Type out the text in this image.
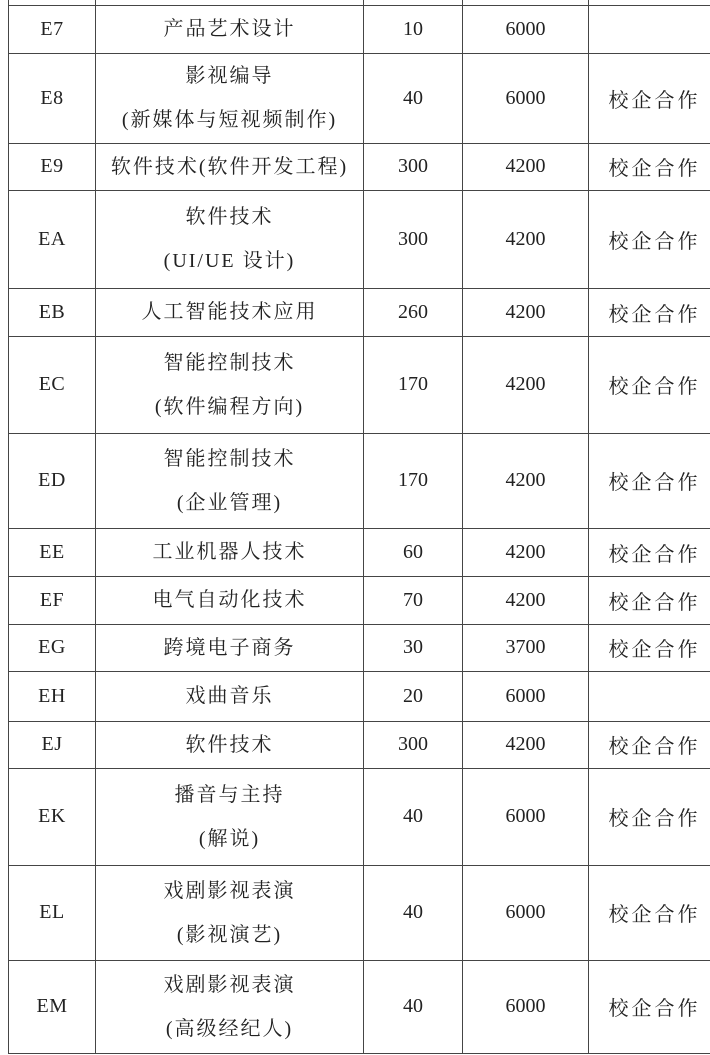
E7	产品艺术设计	10	6000	
E8	影视编导
(新媒体与短视频制作)	40	6000	校企合作
E9	软件技术(软件开发工程)	300	4200	校企合作
EA	软件技术
(UI/UE 设计)	300	4200	校企合作
EB	人工智能技术应用	260	4200	校企合作
EC	智能控制技术
(软件编程方向)	170	4200	校企合作
ED	智能控制技术
(企业管理)	170	4200	校企合作
EE	工业机器人技术	60	4200	校企合作
EF	电气自动化技术	70	4200	校企合作
EG	跨境电子商务	30	3700	校企合作
EH	戏曲音乐	20	6000	
EJ	软件技术	300	4200	校企合作
EK	播音与主持
(解说)	40	6000	校企合作
EL	戏剧影视表演
(影视演艺)	40	6000	校企合作
EM	戏剧影视表演
(高级经纪人)	40	6000	校企合作
